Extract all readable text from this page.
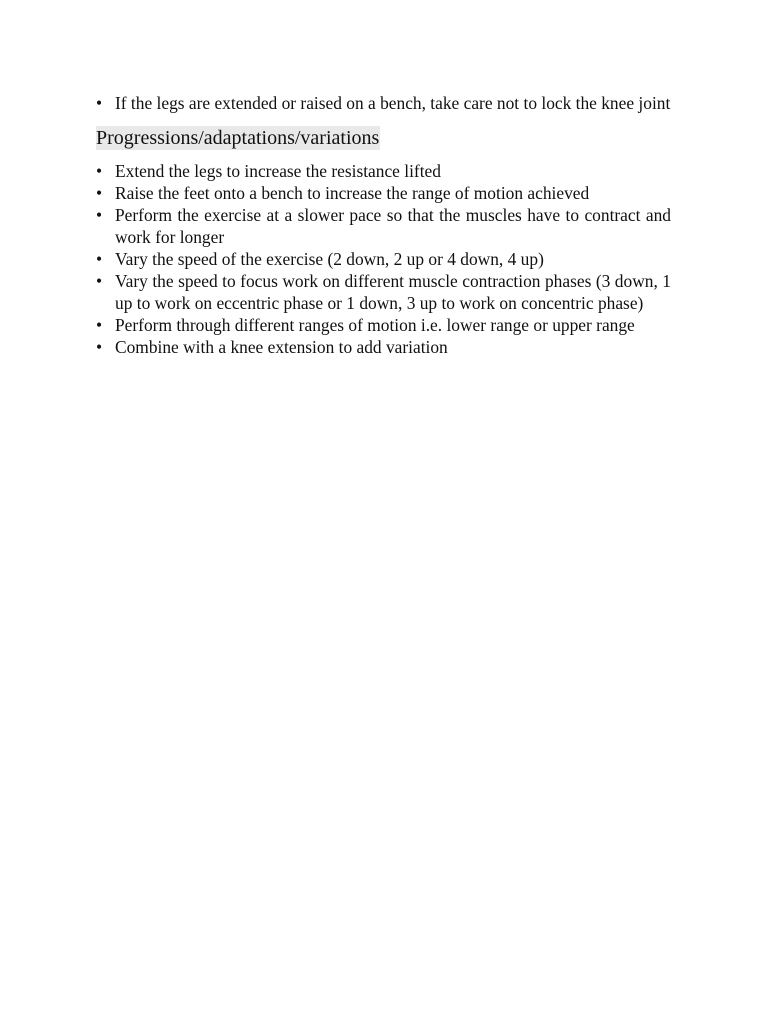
• If the legs are extended or raised on a bench, take care not to lock the knee joint
Progressions/adaptations/variations
• Extend the legs to increase the resistance lifted
• Raise the feet onto a bench to increase the range of motion achieved
• Perform the exercise at a slower pace so that the muscles have to contract and work for longer
• Vary the speed of the exercise (2 down, 2 up or 4 down, 4 up)
• Vary the speed to focus work on different muscle contraction phases (3 down, 1 up to work on eccentric phase or 1 down, 3 up to work on concentric phase)
• Perform through different ranges of motion i.e. lower range or upper range
• Combine with a knee extension to add variation
